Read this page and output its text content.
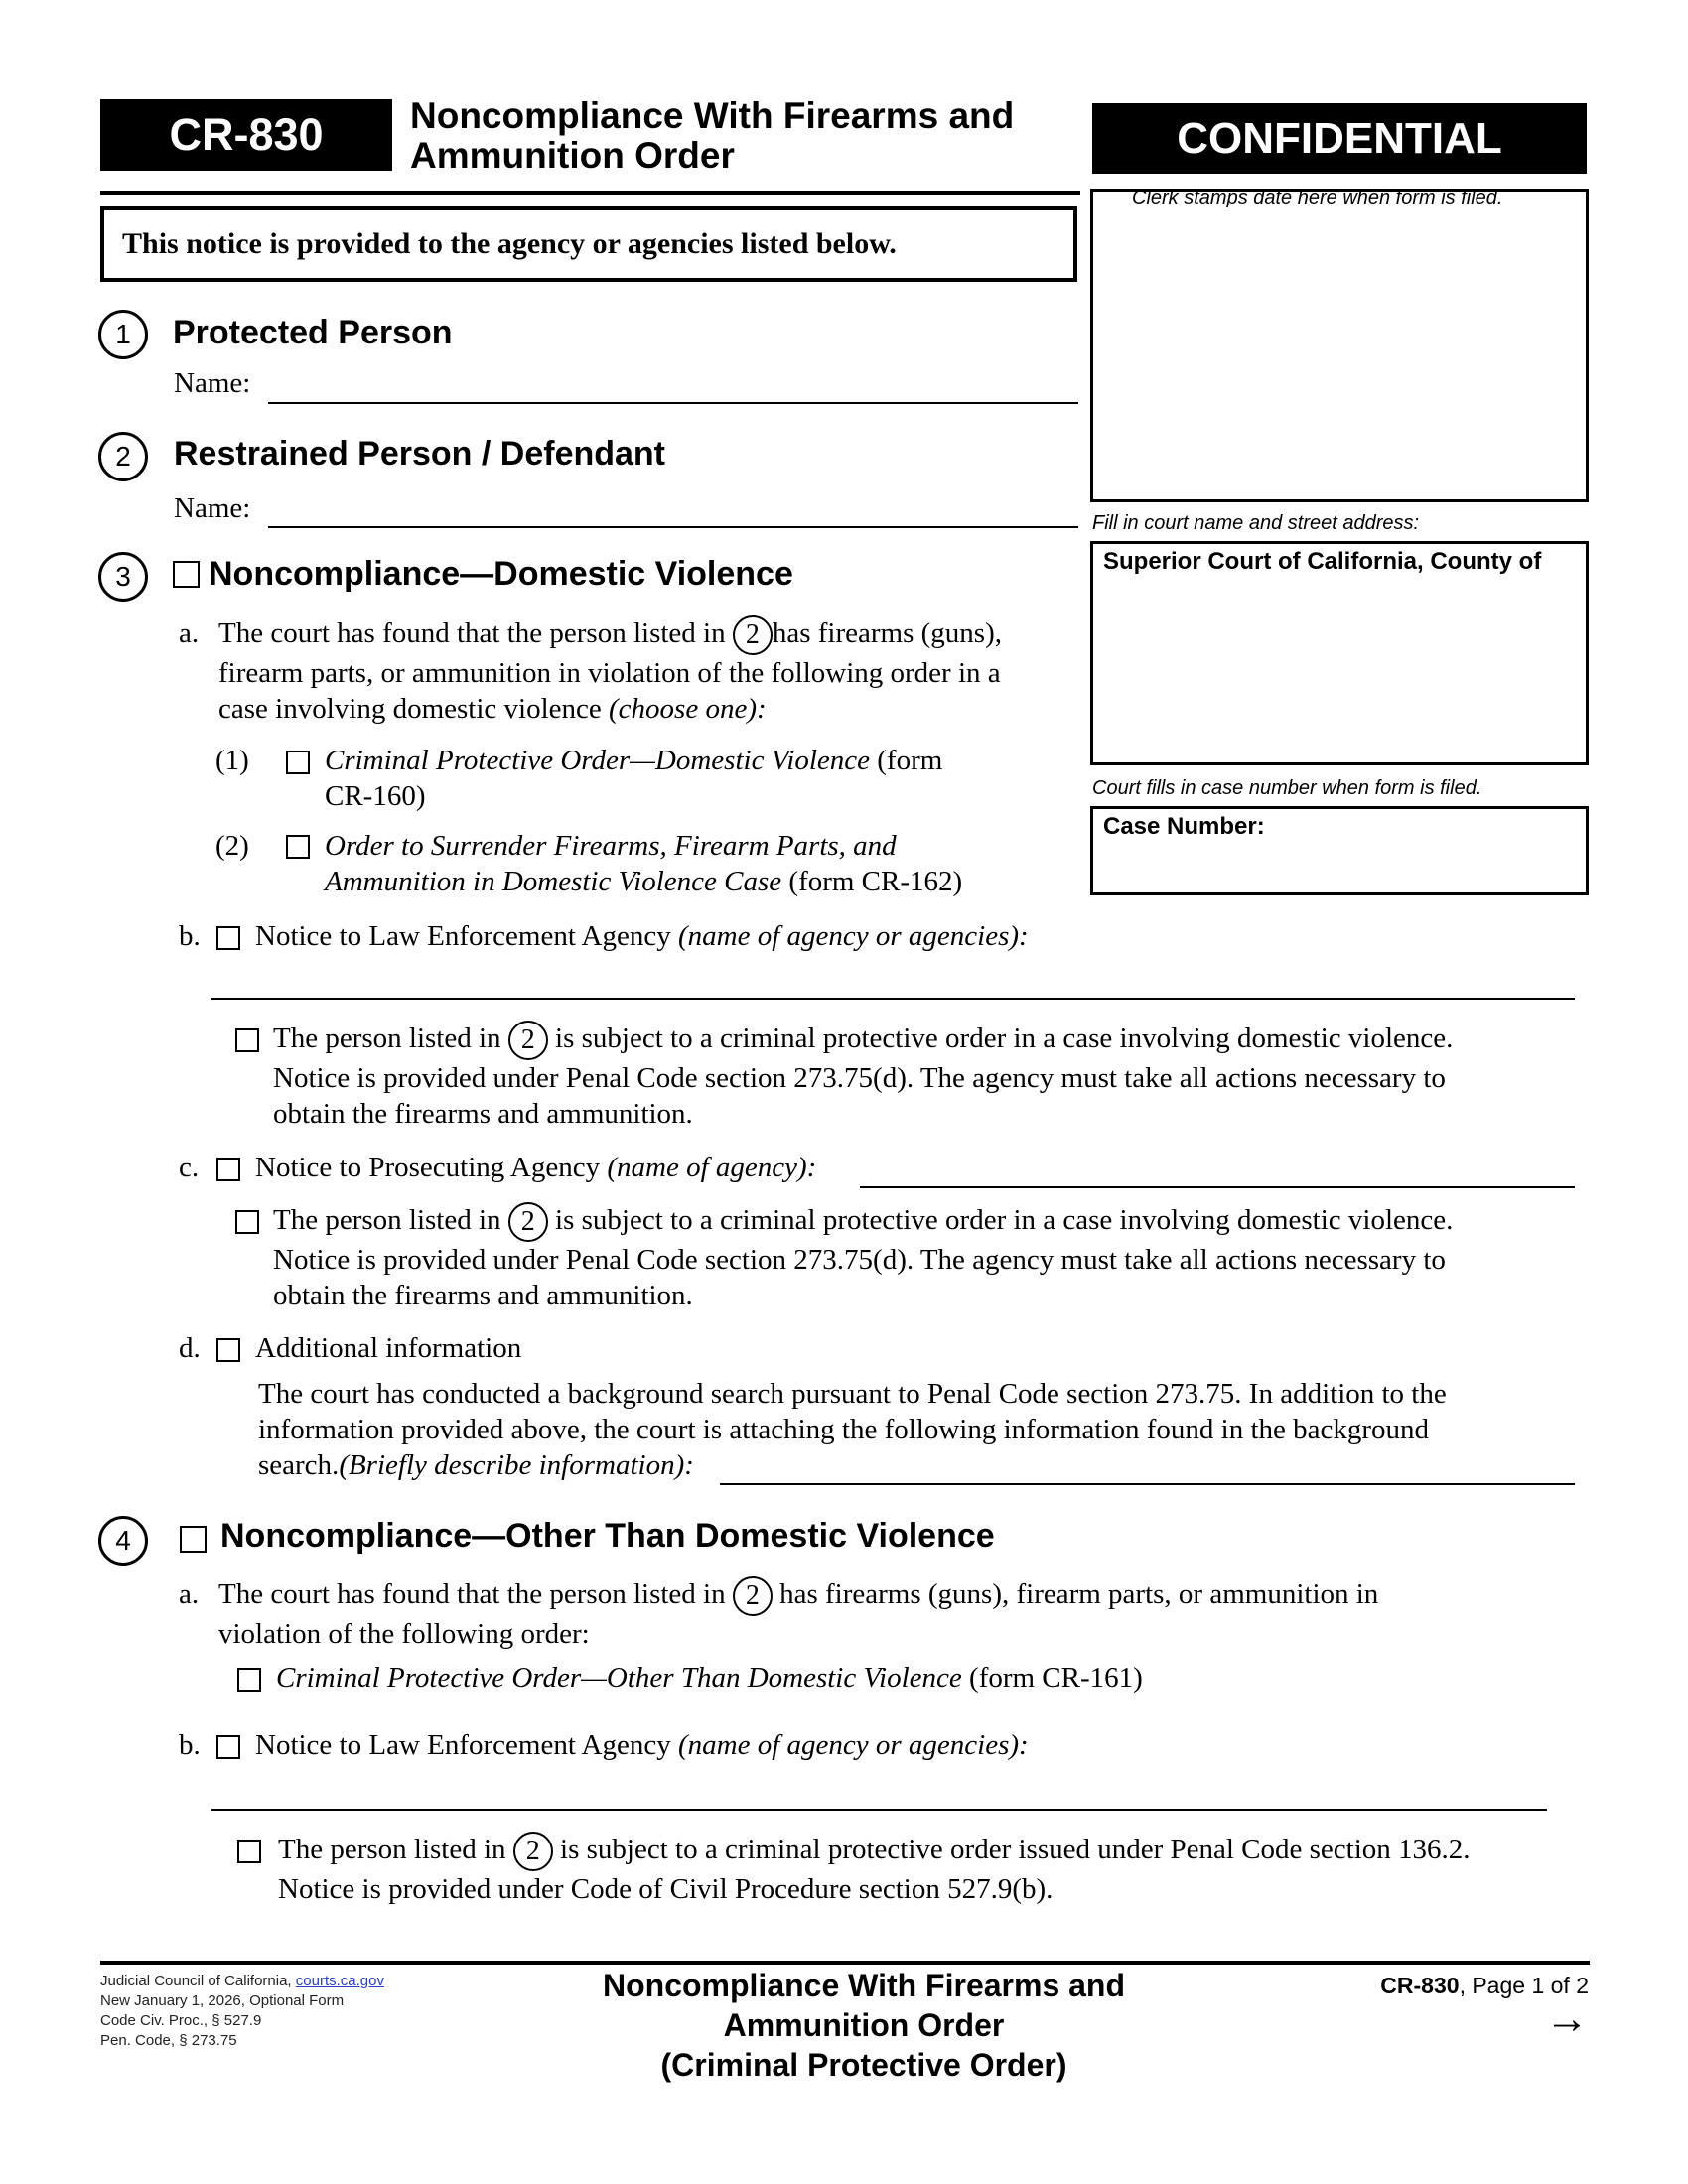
CR-830	Noncompliance With Firearms and
Ammunition Order	CONFIDENTIAL
This notice is provided to the agency or agencies listed below.
Clerk stamps date here when form is filed.
Fill in court name and street address:
Superior Court of California, County of
Court fills in case number when form is filed.
Case Number:
1	Protected Person
Name:
2	Restrained Person / Defendant
Name:
3	Noncompliance—Domestic Violence
a. The court has found that the person listed in 2 has firearms (guns),
firearm parts, or ammunition in violation of the following order in a
case involving domestic violence (choose one):
(1)	Criminal Protective Order—Domestic Violence (form
CR-160)
(2)	Order to Surrender Firearms, Firearm Parts, and
Ammunition in Domestic Violence Case (form CR-162)
b. Notice to Law Enforcement Agency (name of agency or agencies):
The person listed in 2 is subject to a criminal protective order in a case involving domestic violence.
Notice is provided under Penal Code section 273.75(d). The agency must take all actions necessary to
obtain the firearms and ammunition.
c. Notice to Prosecuting Agency (name of agency):
The person listed in 2 is subject to a criminal protective order in a case involving domestic violence.
Notice is provided under Penal Code section 273.75(d). The agency must take all actions necessary to
obtain the firearms and ammunition.
d. Additional information
The court has conducted a background search pursuant to Penal Code section 273.75. In addition to the
information provided above, the court is attaching the following information found in the background
search.(Briefly describe information):
4	Noncompliance—Other Than Domestic Violence
a. The court has found that the person listed in 2 has firearms (guns), firearm parts, or ammunition in
violation of the following order:
Criminal Protective Order—Other Than Domestic Violence (form CR-161)
b. Notice to Law Enforcement Agency (name of agency or agencies):
The person listed in 2 is subject to a criminal protective order issued under Penal Code section 136.2.
Notice is provided under Code of Civil Procedure section 527.9(b).
Judicial Council of California, courts.ca.gov
New January 1, 2026, Optional Form
Code Civ. Proc., § 527.9
Pen. Code, § 273.75
Noncompliance With Firearms and
Ammunition Order
(Criminal Protective Order)
CR-830, Page 1 of 2
→
